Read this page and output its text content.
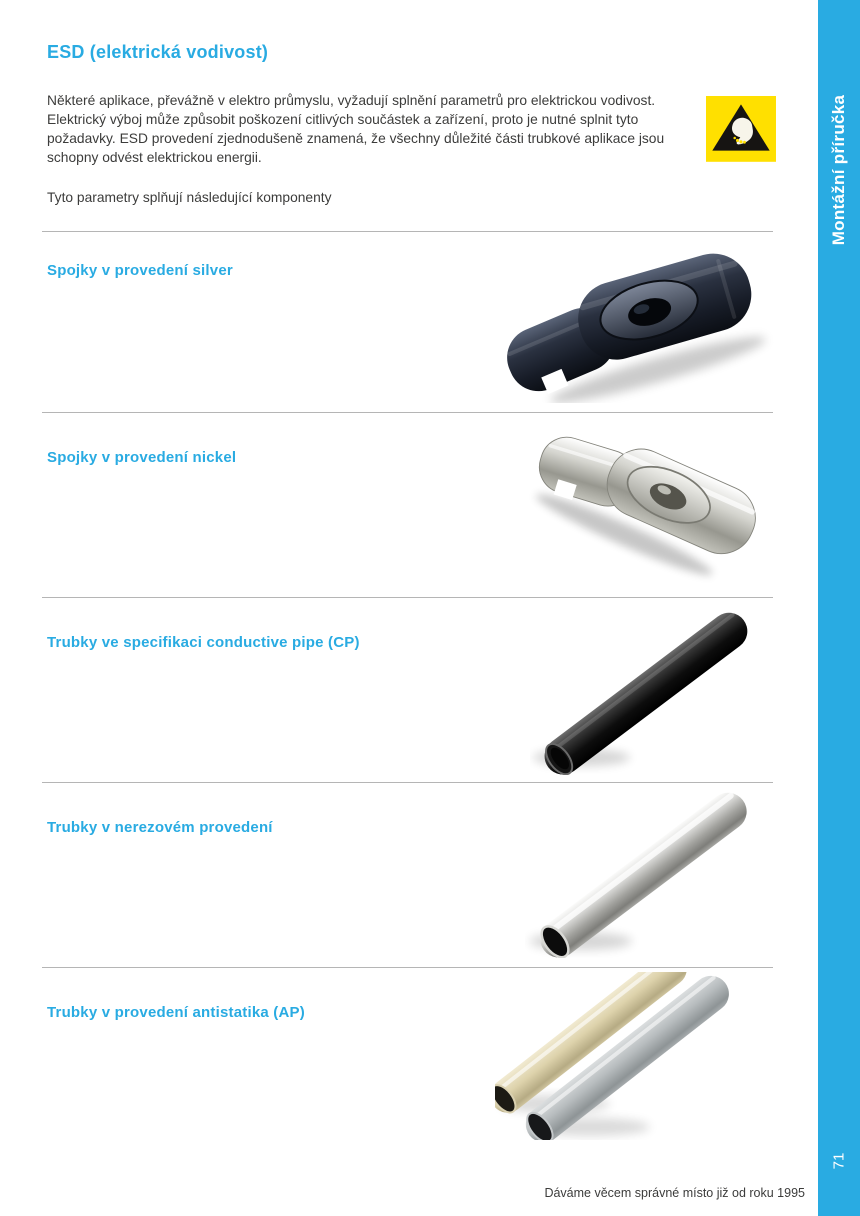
ESD (elektrická vodivost)

Některé aplikace, převážně v elektro průmyslu, vyžadují splnění parametrů pro elektrickou vodivost. Elektrický výboj může způsobit poškození citlivých součástek a zařízení, proto je nutné splnit tyto požadavky. ESD provedení zjednodušeně znamená, že všechny důležité části trubkové aplikace jsou schopny odvést elektrickou energii.

Tyto parametry splňují následující komponenty
Spojky v provedení silver
Spojky v provedení nickel
Trubky ve specifikaci conductive pipe (CP)
Trubky v nerezovém provedení
Trubky v provedení antistatika (AP)

Dáváme věcem správné místo již od roku 1995

Montážní příručka
71
